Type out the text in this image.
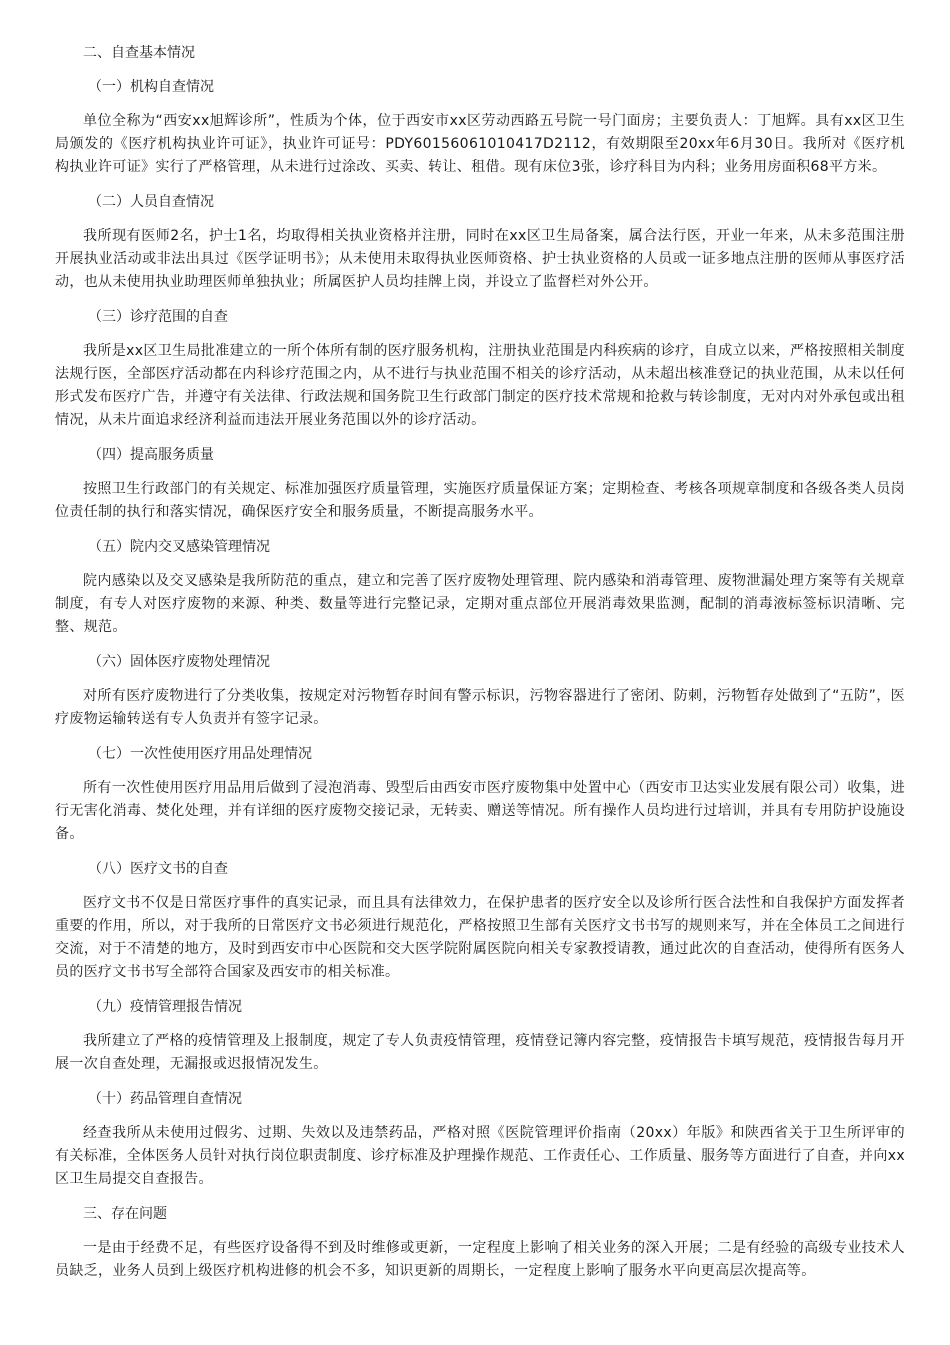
二、自查基本情况
（一）机构自查情况

单位全称为“西安xx旭辉诊所”，性质为个体，位于西安市xx区劳动西路五号院一号门面房；主要负责人：丁旭辉。具有xx区卫生局颁发的《医疗机构执业许可证》，执业许可证号：PDY60156061010417D2112，有效期限至20xx年6月30日。我所对《医疗机构执业许可证》实行了严格管理，从未进行过涂改、买卖、转让、租借。现有床位3张，诊疗科目为内科；业务用房面积68平方米。

（二）人员自查情况

我所现有医师2名，护士1名，均取得相关执业资格并注册，同时在xx区卫生局备案，属合法行医，开业一年来，从未多范围注册开展执业活动或非法出具过《医学证明书》；从未使用未取得执业医师资格、护士执业资格的人员或一证多地点注册的医师从事医疗活动，也从未使用执业助理医师单独执业；所属医护人员均挂牌上岗，并设立了监督栏对外公开。

（三）诊疗范围的自查

我所是xx区卫生局批准建立的一所个体所有制的医疗服务机构，注册执业范围是内科疾病的诊疗，自成立以来，严格按照相关制度法规行医，全部医疗活动都在内科诊疗范围之内，从不进行与执业范围不相关的诊疗活动，从未超出核准登记的执业范围，从未以任何形式发布医疗广告，并遵守有关法律、行政法规和国务院卫生行政部门制定的医疗技术常规和抢救与转诊制度，无对内对外承包或出租情况，从未片面追求经济利益而违法开展业务范围以外的诊疗活动。

（四）提高服务质量

按照卫生行政部门的有关规定、标准加强医疗质量管理，实施医疗质量保证方案；定期检查、考核各项规章制度和各级各类人员岗位责任制的执行和落实情况，确保医疗安全和服务质量，不断提高服务水平。

（五）院内交叉感染管理情况

院内感染以及交叉感染是我所防范的重点，建立和完善了医疗废物处理管理、院内感染和消毒管理、废物泄漏处理方案等有关规章制度，有专人对医疗废物的来源、种类、数量等进行完整记录，定期对重点部位开展消毒效果监测，配制的消毒液标签标识清晰、完整、规范。

（六）固体医疗废物处理情况

对所有医疗废物进行了分类收集，按规定对污物暂存时间有警示标识，污物容器进行了密闭、防刺，污物暂存处做到了“五防”，医疗废物运输转送有专人负责并有签字记录。

（七）一次性使用医疗用品处理情况

所有一次性使用医疗用品用后做到了浸泡消毒、毁型后由西安市医疗废物集中处置中心（西安市卫达实业发展有限公司）收集，进行无害化消毒、焚化处理，并有详细的医疗废物交接记录，无转卖、赠送等情况。所有操作人员均进行过培训，并具有专用防护设施设备。

（八）医疗文书的自查

医疗文书不仅是日常医疗事件的真实记录，而且具有法律效力，在保护患者的医疗安全以及诊所行医合法性和自我保护方面发挥者重要的作用，所以，对于我所的日常医疗文书必须进行规范化，严格按照卫生部有关医疗文书书写的规则来写，并在全体员工之间进行交流，对于不清楚的地方，及时到西安市中心医院和交大医学院附属医院向相关专家教授请教，通过此次的自查活动，使得所有医务人员的医疗文书书写全部符合国家及西安市的相关标准。

（九）疫情管理报告情况

我所建立了严格的疫情管理及上报制度，规定了专人负责疫情管理，疫情登记簿内容完整，疫情报告卡填写规范，疫情报告每月开展一次自查处理，无漏报或迟报情况发生。

（十）药品管理自查情况

经查我所从未使用过假劣、过期、失效以及违禁药品，严格对照《医院管理评价指南（20xx）年版》和陕西省关于卫生所评审的有关标准，全体医务人员针对执行岗位职责制度、诊疗标准及护理操作规范、工作责任心、工作质量、服务等方面进行了自查，并向xx区卫生局提交自查报告。

三、存在问题

一是由于经费不足，有些医疗设备得不到及时维修或更新，一定程度上影响了相关业务的深入开展；二是有经验的高级专业技术人员缺乏，业务人员到上级医疗机构进修的机会不多，知识更新的周期长，一定程度上影响了服务水平向更高层次提高等。
